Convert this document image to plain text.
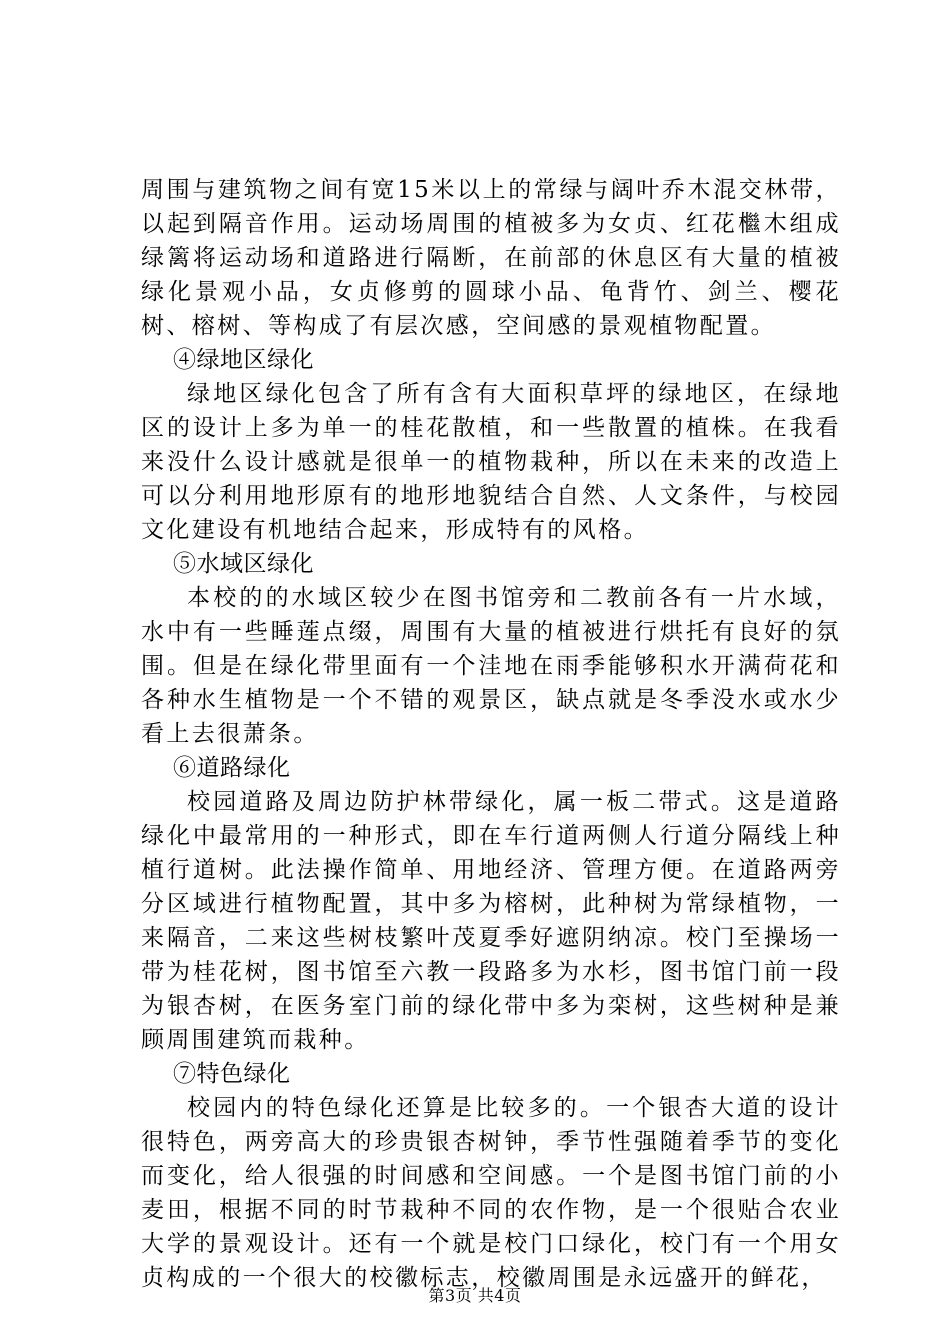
周围与建筑物之间有宽15米以上的常绿与阔叶乔木混交林带，以起到隔音作用。运动场周围的植被多为女贞、红花檵木组成绿篱将运动场和道路进行隔断，在前部的休息区有大量的植被绿化景观小品，女贞修剪的圆球小品、龟背竹、剑兰、樱花树、榕树、等构成了有层次感，空间感的景观植物配置。

④绿地区绿化

绿地区绿化包含了所有含有大面积草坪的绿地区，在绿地区的设计上多为单一的桂花散植，和一些散置的植株。在我看来没什么设计感就是很单一的植物栽种，所以在未来的改造上可以分利用地形原有的地形地貌结合自然、人文条件，与校园文化建设有机地结合起来，形成特有的风格。

⑤水域区绿化

本校的的水域区较少在图书馆旁和二教前各有一片水域，水中有一些睡莲点缀，周围有大量的植被进行烘托有良好的氛围。但是在绿化带里面有一个洼地在雨季能够积水开满荷花和各种水生植物是一个不错的观景区，缺点就是冬季没水或水少看上去很萧条。

⑥道路绿化

校园道路及周边防护林带绿化，属一板二带式。这是道路绿化中最常用的一种形式，即在车行道两侧人行道分隔线上种植行道树。此法操作简单、用地经济、管理方便。在道路两旁分区域进行植物配置，其中多为榕树，此种树为常绿植物，一来隔音，二来这些树枝繁叶茂夏季好遮阴纳凉。校门至操场一带为桂花树，图书馆至六教一段路多为水杉，图书馆门前一段为银杏树，在医务室门前的绿化带中多为栾树，这些树种是兼顾周围建筑而栽种。

⑦特色绿化

校园内的特色绿化还算是比较多的。一个银杏大道的设计很特色，两旁高大的珍贵银杏树钟，季节性强随着季节的变化而变化，给人很强的时间感和空间感。一个是图书馆门前的小麦田，根据不同的时节栽种不同的农作物，是一个很贴合农业大学的景观设计。还有一个就是校门口绿化，校门有一个用女贞构成的一个很大的校徽标志，校徽周围是永远盛开的鲜花，

第3页 共4页
